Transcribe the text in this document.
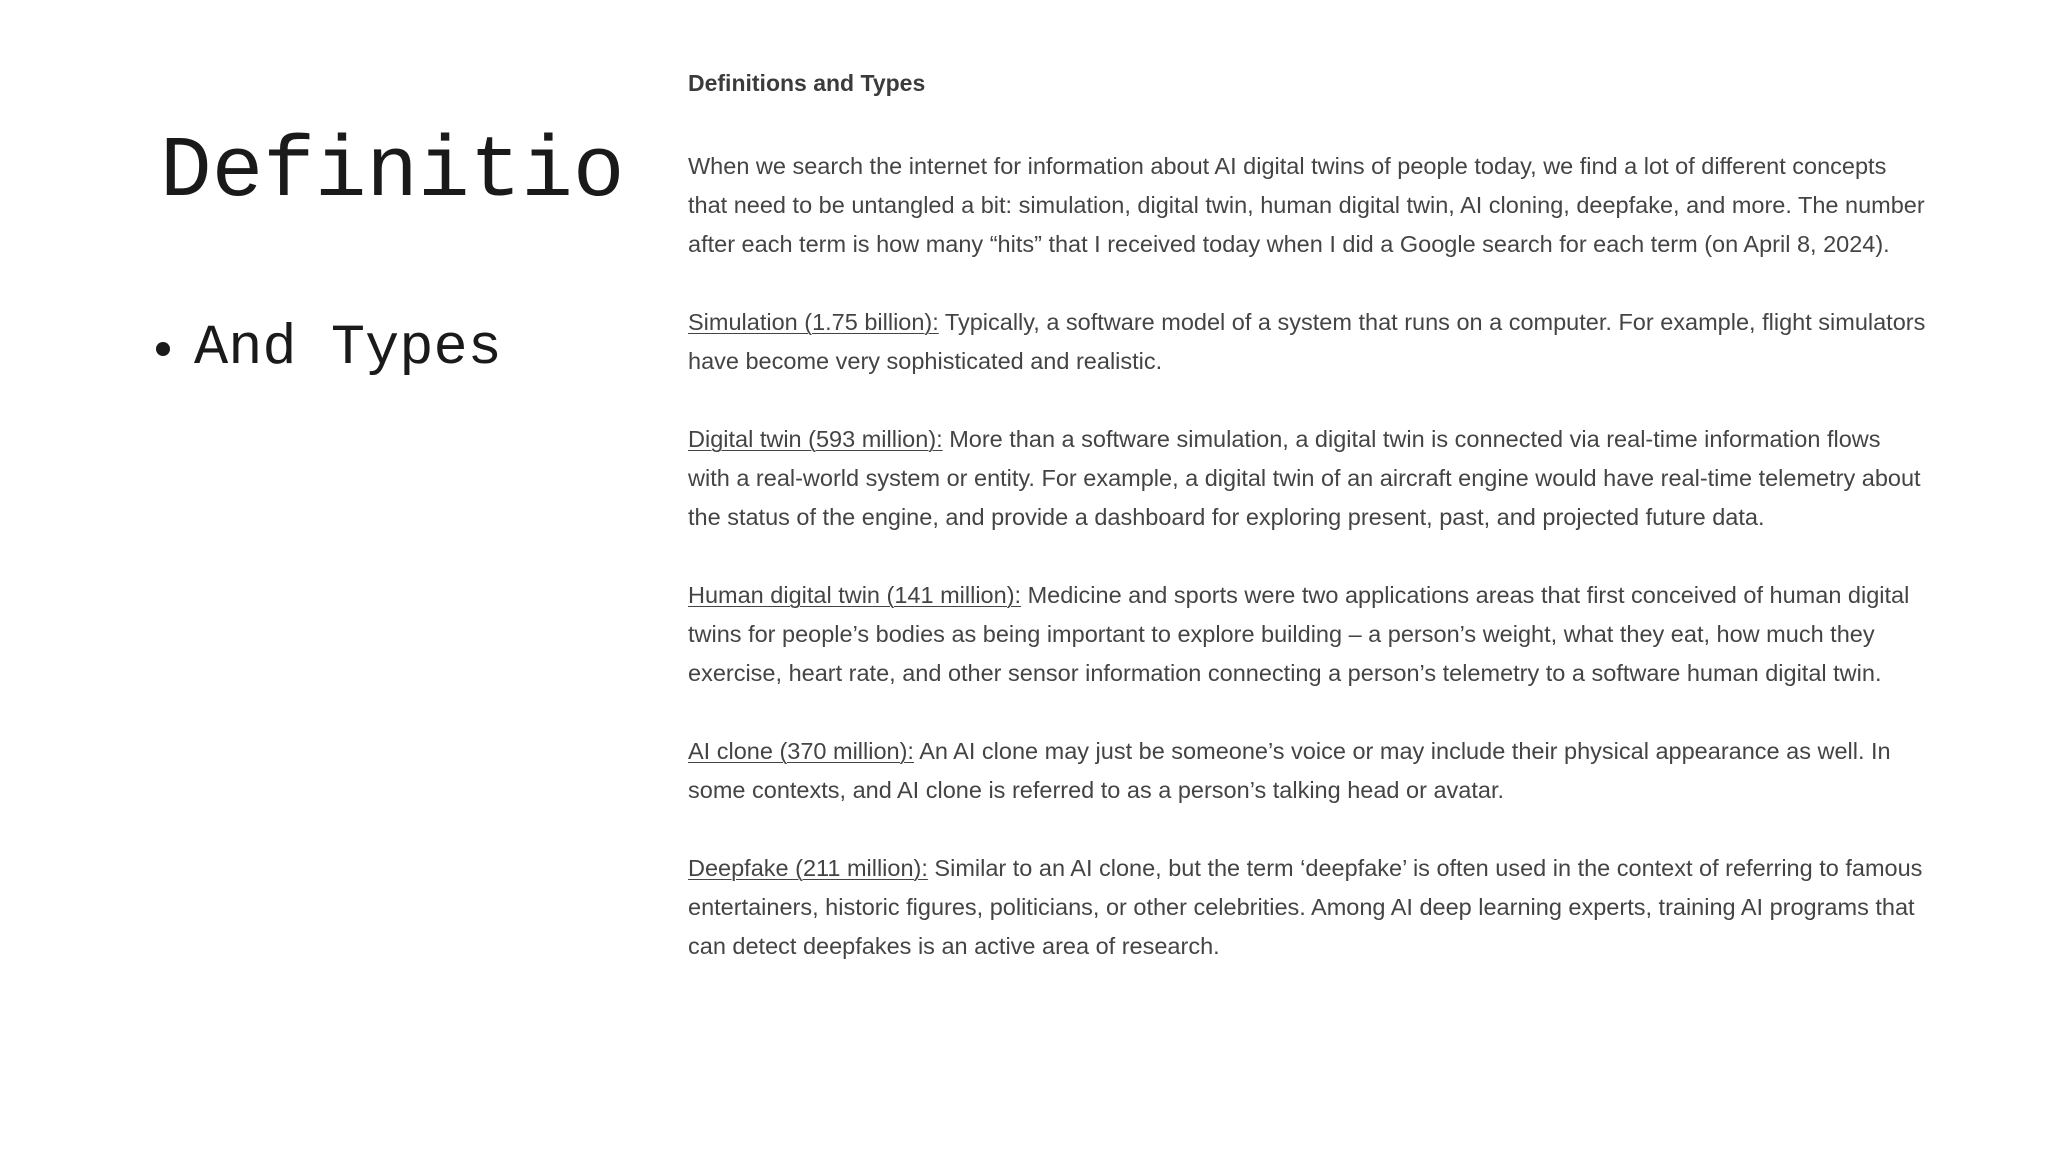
Definitio
And Types
Definitions and Types

When we search the internet for information about AI digital twins of people today, we find a lot of different concepts that need to be untangled a bit: simulation, digital twin, human digital twin, AI cloning, deepfake, and more. The number after each term is how many “hits” that I received today when I did a Google search for each term (on April 8, 2024).

Simulation (1.75 billion): Typically, a software model of a system that runs on a computer. For example, flight simulators have become very sophisticated and realistic.

Digital twin (593 million): More than a software simulation, a digital twin is connected via real-time information flows with a real-world system or entity. For example, a digital twin of an aircraft engine would have real-time telemetry about the status of the engine, and provide a dashboard for exploring present, past, and projected future data.

Human digital twin (141 million): Medicine and sports were two applications areas that first conceived of human digital twins for people’s bodies as being important to explore building – a person’s weight, what they eat, how much they exercise, heart rate, and other sensor information connecting a person’s telemetry to a software human digital twin.

AI clone (370 million): An AI clone may just be someone’s voice or may include their physical appearance as well. In some contexts, and AI clone is referred to as a person’s talking head or avatar.

Deepfake (211 million): Similar to an AI clone, but the term ‘deepfake’ is often used in the context of referring to famous entertainers, historic figures, politicians, or other celebrities. Among AI deep learning experts, training AI programs that can detect deepfakes is an active area of research.
